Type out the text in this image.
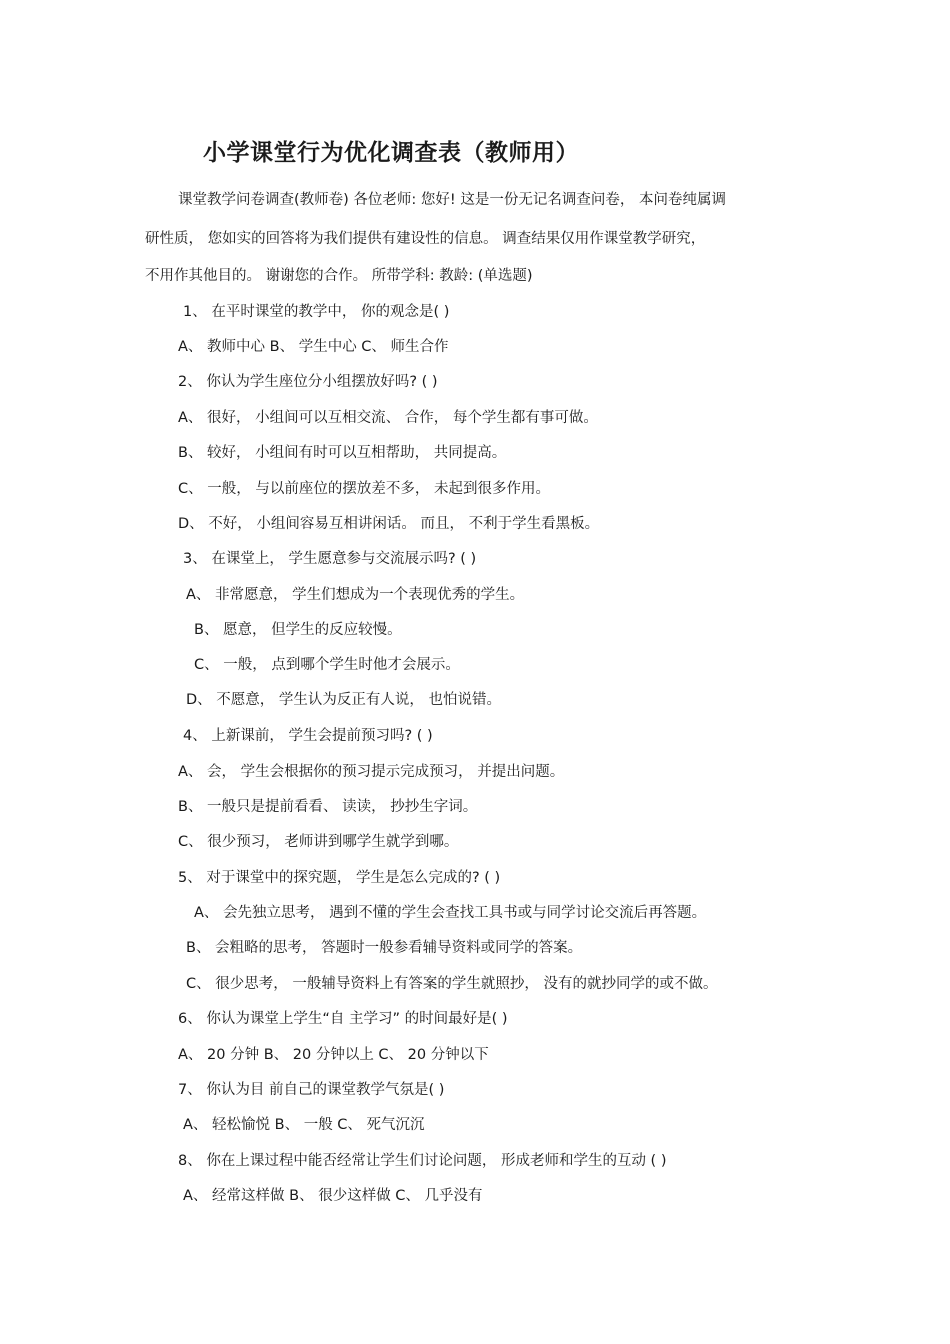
小学课堂行为优化调查表（教师用）
课堂教学问卷调查(教师卷) 各位老师: 您好! 这是一份无记名调查问卷， 本问卷纯属调
研性质， 您如实的回答将为我们提供有建设性的信息。 调查结果仅用作课堂教学研究，
不用作其他目的。 谢谢您的合作。 所带学科: 教龄: (单选题)
1、 在平时课堂的教学中， 你的观念是( )
A、 教师中心 B、 学生中心 C、 师生合作
2、 你认为学生座位分小组摆放好吗? ( )
A、 很好， 小组间可以互相交流、 合作， 每个学生都有事可做。
B、 较好， 小组间有时可以互相帮助， 共同提高。
C、 一般， 与以前座位的摆放差不多， 未起到很多作用。
D、 不好， 小组间容易互相讲闲话。 而且， 不利于学生看黑板。
3、 在课堂上， 学生愿意参与交流展示吗? ( )
A、 非常愿意， 学生们想成为一个表现优秀的学生。
B、 愿意， 但学生的反应较慢。
C、 一般， 点到哪个学生时他才会展示。
D、 不愿意， 学生认为反正有人说， 也怕说错。
4、 上新课前， 学生会提前预习吗? ( )
A、 会， 学生会根据你的预习提示完成预习， 并提出问题。
B、 一般只是提前看看、 读读， 抄抄生字词。
C、 很少预习， 老师讲到哪学生就学到哪。
5、 对于课堂中的探究题， 学生是怎么完成的? ( )
A、 会先独立思考， 遇到不懂的学生会查找工具书或与同学讨论交流后再答题。
B、 会粗略的思考， 答题时一般参看辅导资料或同学的答案。
C、 很少思考， 一般辅导资料上有答案的学生就照抄， 没有的就抄同学的或不做。
6、 你认为课堂上学生“自 主学习” 的时间最好是( )
A、 20 分钟 B、 20 分钟以上 C、 20 分钟以下
7、 你认为目 前自己的课堂教学气氛是( )
A、 轻松愉悦 B、 一般 C、 死气沉沉
8、 你在上课过程中能否经常让学生们讨论问题， 形成老师和学生的互动 ( )
A、 经常这样做 B、 很少这样做 C、 几乎没有
